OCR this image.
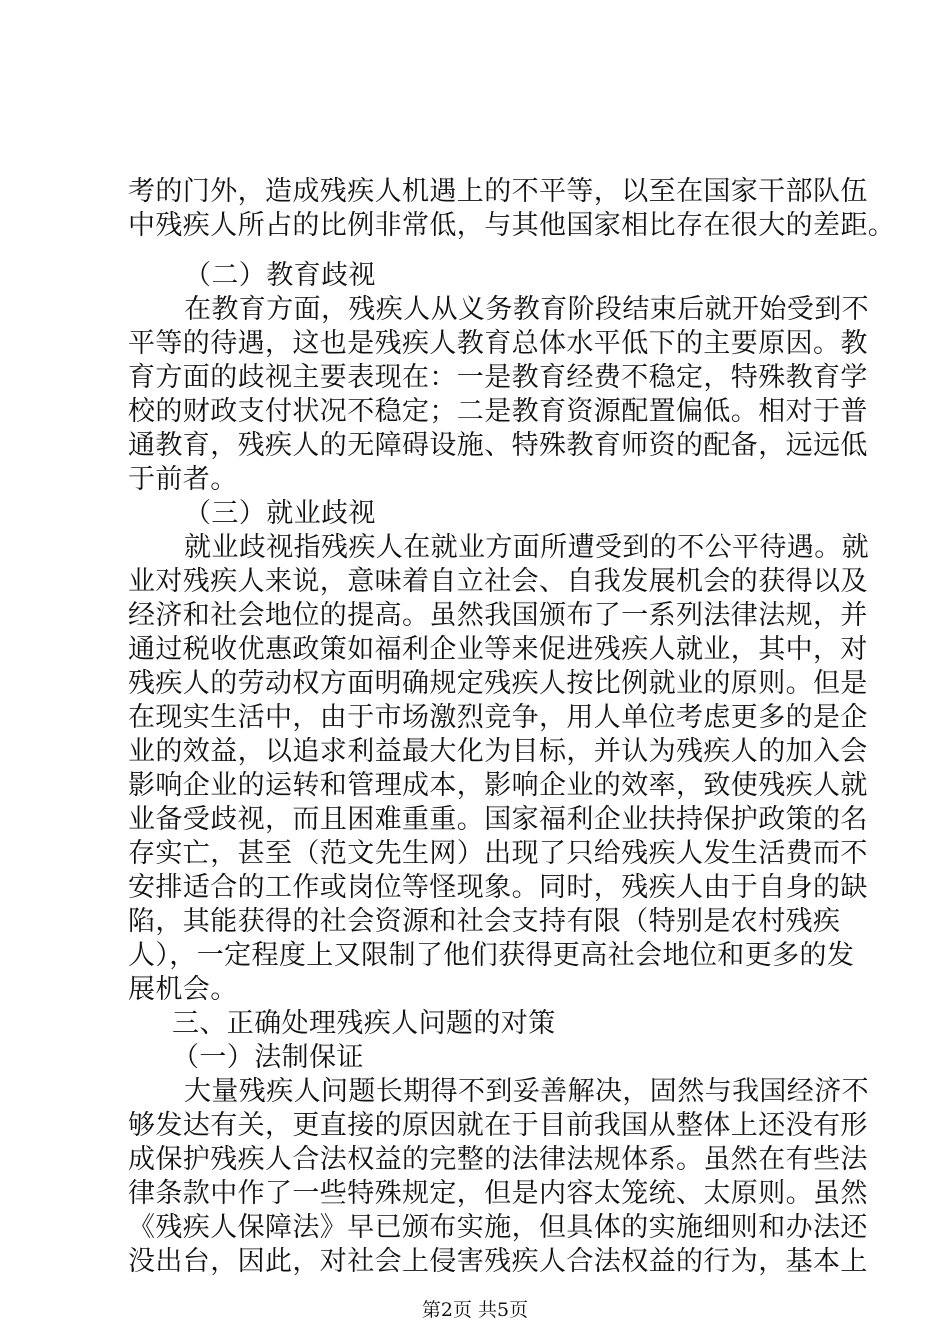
考的门外，造成残疾人机遇上的不平等，以至在国家干部队伍
中残疾人所占的比例非常低，与其他国家相比存在很大的差距。
（二）教育歧视
在教育方面，残疾人从义务教育阶段结束后就开始受到不
平等的待遇，这也是残疾人教育总体水平低下的主要原因。教
育方面的歧视主要表现在：一是教育经费不稳定，特殊教育学
校的财政支付状况不稳定；二是教育资源配置偏低。相对于普
通教育，残疾人的无障碍设施、特殊教育师资的配备，远远低
于前者。
（三）就业歧视
就业歧视指残疾人在就业方面所遭受到的不公平待遇。就
业对残疾人来说，意味着自立社会、自我发展机会的获得以及
经济和社会地位的提高。虽然我国颁布了一系列法律法规，并
通过税收优惠政策如福利企业等来促进残疾人就业，其中，对
残疾人的劳动权方面明确规定残疾人按比例就业的原则。但是
在现实生活中，由于市场激烈竞争，用人单位考虑更多的是企
业的效益，以追求利益最大化为目标，并认为残疾人的加入会
影响企业的运转和管理成本，影响企业的效率，致使残疾人就
业备受歧视，而且困难重重。国家福利企业扶持保护政策的名
存实亡，甚至（范文先生网）出现了只给残疾人发生活费而不
安排适合的工作或岗位等怪现象。同时，残疾人由于自身的缺
陷，其能获得的社会资源和社会支持有限（特别是农村残疾
人），一定程度上又限制了他们获得更高社会地位和更多的发
展机会。
三、正确处理残疾人问题的对策
（一）法制保证
大量残疾人问题长期得不到妥善解决，固然与我国经济不
够发达有关，更直接的原因就在于目前我国从整体上还没有形
成保护残疾人合法权益的完整的法律法规体系。虽然在有些法
律条款中作了一些特殊规定，但是内容太笼统、太原则。虽然
《残疾人保障法》早已颁布实施，但具体的实施细则和办法还
没出台，因此，对社会上侵害残疾人合法权益的行为，基本上
第2页 共5页
